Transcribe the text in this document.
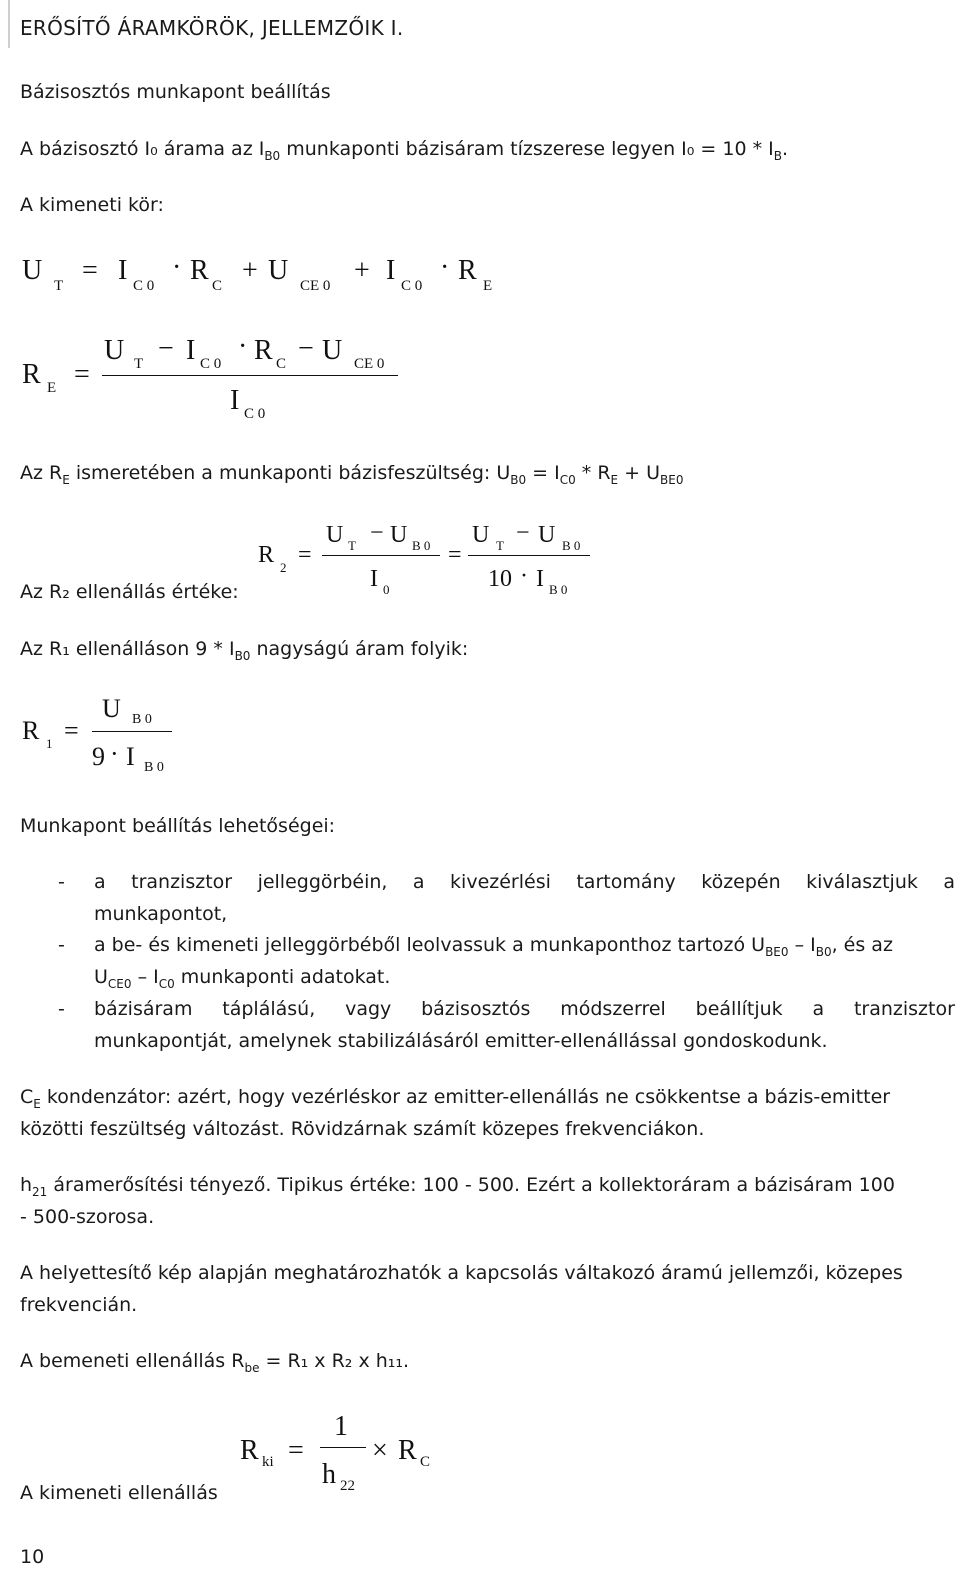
ERŐSÍTŐ ÁRAMKÖRÖK, JELLEMZŐIK I.
Bázisosztós munkapont beállítás
A bázisosztó I₀ árama az $I_{B0}$ munkaponti bázisáram tízszerese legyen $I_0 = 10 * I_B$.
A kimeneti kör:
U T = I C 0
· R C + U CE 0 + I C 0
· R E
R E =
U T − I C 0
· R C − U CE 0
I C 0
Az $R_E$ ismeretében a munkaponti bázisfeszültség: $U_{B0} = I_{C0} * R_E + U_{BE0}$
Az R₂ ellenállás értéke:
R 2 =
U T − U B 0
I 0
=
U T − U B 0
10 · I B 0
Az R₁ ellenálláson $9 * I_{B0}$ nagyságú áram folyik:
R 1 =
U B 0
9 · I B 0
Munkapont beállítás lehetőségei:
- a tranzisztor jelleggörbéin, a kivezérlési tartomány közepén kiválasztjuk a
munkapontot,
- a be- és kimeneti jelleggörbéből leolvassuk a munkaponthoz tartozó $U_{BE0} - I_{B0}$, és az
$U_{CE0} - I_{C0}$ munkaponti adatokat.
- bázisáram táplálású, vagy bázisosztós módszerrel beállítjuk a tranzisztor
munkapontját, amelynek stabilizálásáról emitter-ellenállással gondoskodunk.
$C_E$ kondenzátor: azért, hogy vezérléskor az emitter-ellenállás ne csökkentse a bázis-emitter
közötti feszültség változást. Rövidzárnak számít közepes frekvenciákon.
$h_{21}$ áramerősítési tényező. Tipikus értéke: 100 - 500. Ezért a kollektoráram a bázisáram 100
- 500-szorosa.
A helyettesítő kép alapján meghatározhatók a kapcsolás váltakozó áramú jellemzői, közepes
frekvencián.
A bemeneti ellenállás $R_{be} = R_1$ x R₂ x h₁₁.
R ki =
1
h 22
× R C
A kimeneti ellenállás
10
